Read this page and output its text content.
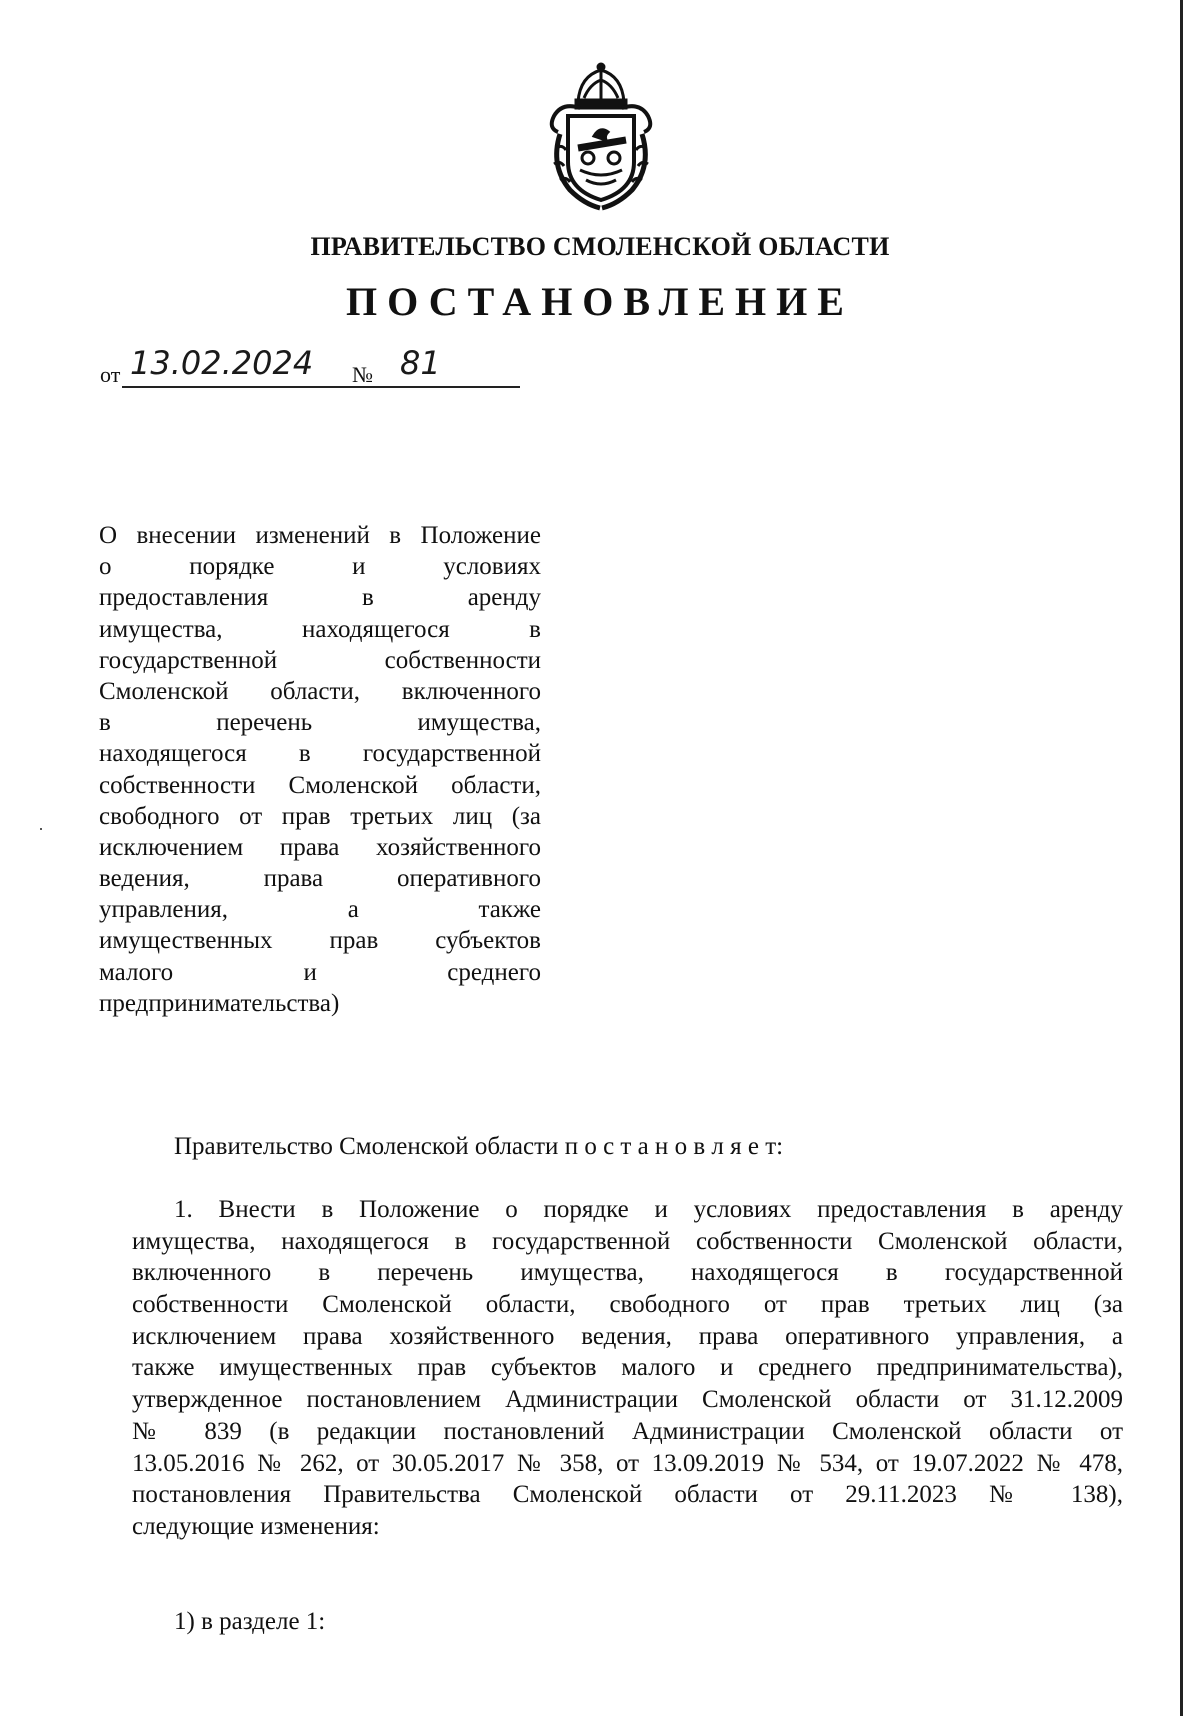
ПРАВИТЕЛЬСТВО СМОЛЕНСКОЙ ОБЛАСТИ
ПОСТАНОВЛЕНИЕ
от 13.02.2024 № 81
О внесении изменений в Положение
о порядке и условиях
предоставления в аренду
имущества, находящегося в
государственной собственности
Смоленской области, включенного
в перечень имущества,
находящегося в государственной
собственности Смоленской области,
свободного от прав третьих лиц (за
исключением права хозяйственного
ведения, права оперативного
управления, а также
имущественных прав субъектов
малого и среднего
предпринимательства)
Правительство Смоленской области п о с т а н о в л я е т:
1. Внести в Положение о порядке и условиях предоставления в аренду
имущества, находящегося в государственной собственности Смоленской области,
включенного в перечень имущества, находящегося в государственной
собственности Смоленской области, свободного от прав третьих лиц (за
исключением права хозяйственного ведения, права оперативного управления, а
также имущественных прав субъектов малого и среднего предпринимательства),
утвержденное постановлением Администрации Смоленской области от 31.12.2009
№ 839 (в редакции постановлений Администрации Смоленской области от
13.05.2016 № 262, от 30.05.2017 № 358, от 13.09.2019 № 534, от 19.07.2022 № 478,
постановления Правительства Смоленской области от 29.11.2023 № 138),
следующие изменения:
1) в разделе 1:
